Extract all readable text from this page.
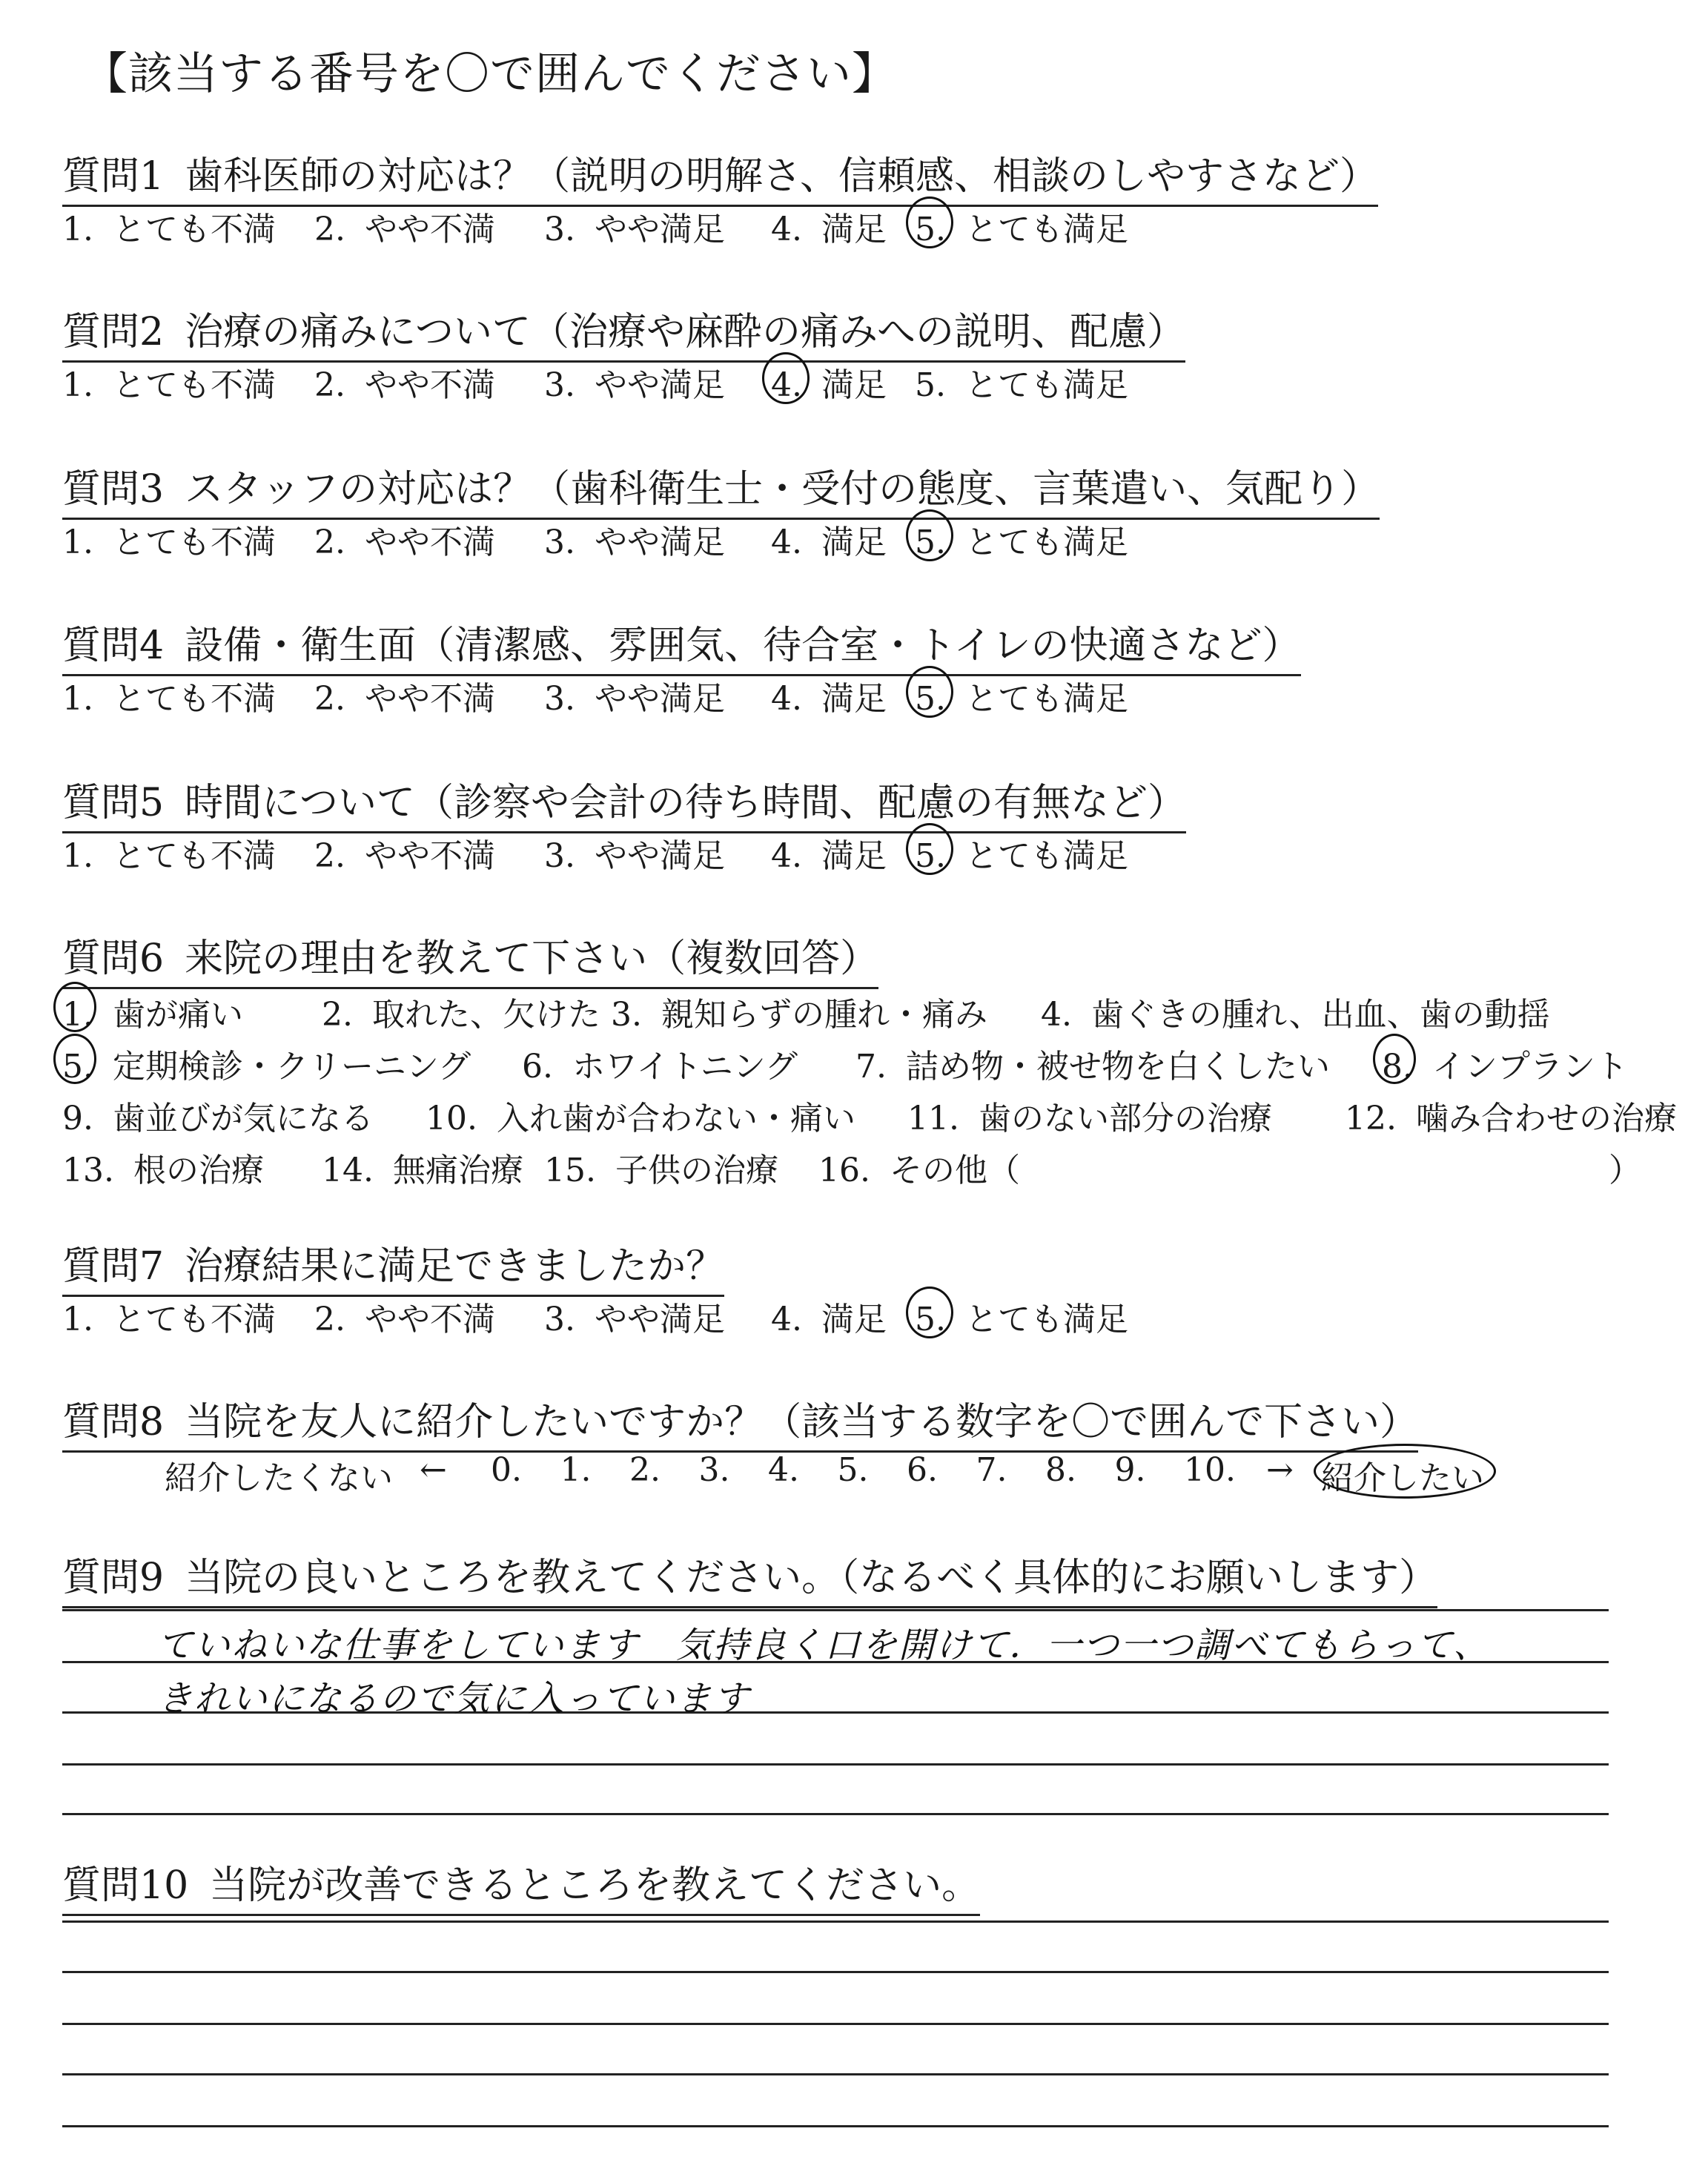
【該当する番号を〇で囲んでください】
質問1 歯科医師の対応は？（説明の明解さ、信頼感、相談のしやすさなど）
1. とても不満 2. やや不満 3. やや満足 4. 満足 5. とても満足
質問2 治療の痛みについて（治療や麻酔の痛みへの説明、配慮）
1. とても不満 2. やや不満 3. やや満足 4. 満足 5. とても満足
質問3 スタッフの対応は？（歯科衛生士・受付の態度、言葉遣い、気配り）
1. とても不満 2. やや不満 3. やや満足 4. 満足 5. とても満足
質問4 設備・衛生面（清潔感、雰囲気、待合室・トイレの快適さなど）
1. とても不満 2. やや不満 3. やや満足 4. 満足 5. とても満足
質問5 時間について（診察や会計の待ち時間、配慮の有無など）
1. とても不満 2. やや不満 3. やや満足 4. 満足 5. とても満足
質問6 来院の理由を教えて下さい（複数回答）
質問7 治療結果に満足できましたか？
1. とても不満 2. やや不満 3. やや満足 4. 満足 5. とても満足
質問8 当院を友人に紹介したいですか？（該当する数字を〇で囲んで下さい）
質問9 当院の良いところを教えてください。（なるべく具体的にお願いします）
質問10 当院が改善できるところを教えてください。
1. 歯が痛い 2. 取れた、欠けた 3. 親知らずの腫れ・痛み 4. 歯ぐきの腫れ、出血、歯の動揺
5. 定期検診・クリーニング 6. ホワイトニング 7. 詰め物・被せ物を白くしたい 8. インプラント
9. 歯並びが気になる 10. 入れ歯が合わない・痛い 11. 歯のない部分の治療 12. 噛み合わせの治療
13. 根の治療 14. 無痛治療 15. 子供の治療 16. その他（	）
紹介したくない ← 0. 1. 2. 3. 4. 5. 6. 7. 8. 9. 10. → 紹介したい
ていねいな仕事をしています　気持良く口を開けて．一つ一つ調べてもらって、
きれいになるので気に入っています
